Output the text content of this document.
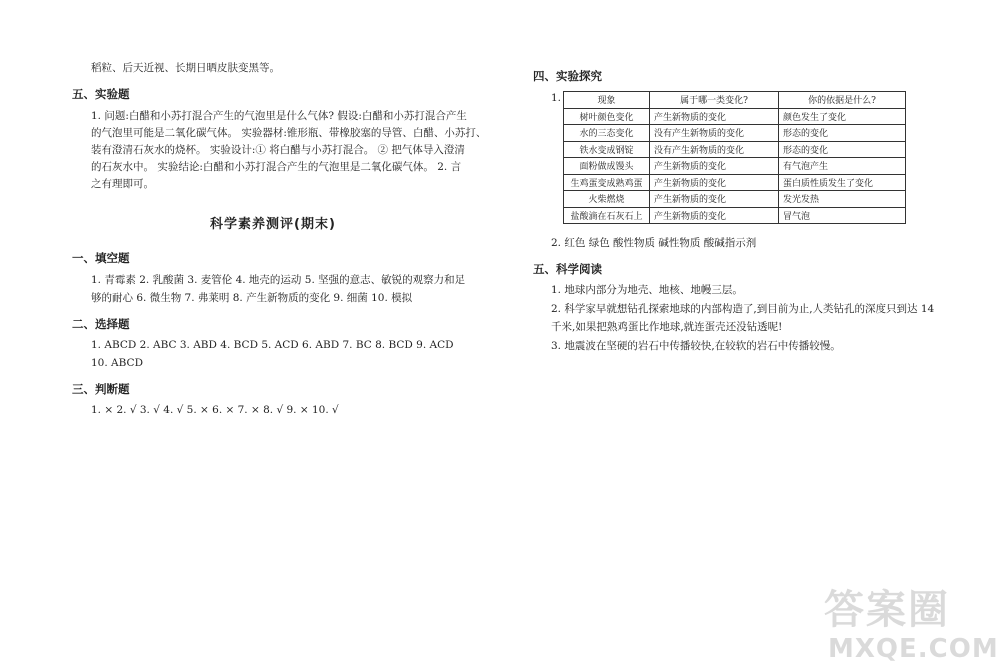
稻粒、后天近视、长期日晒皮肤变黑等。
五、实验题
1. 问题:白醋和小苏打混合产生的气泡里是什么气体? 假设:白醋和小苏打混合产生
的气泡里可能是二氧化碳气体。 实验器材:锥形瓶、带橡胶塞的导管、白醋、小苏打、
装有澄清石灰水的烧杯。 实验设计:① 将白醋与小苏打混合。 ② 把气体导入澄清
的石灰水中。 实验结论:白醋和小苏打混合产生的气泡里是二氧化碳气体。 2. 言
之有理即可。
科学素养测评(期末)
一、填空题
1. 青霉素 2. 乳酸菌 3. 麦管伦 4. 地壳的运动 5. 坚强的意志、敏锐的观察力和足
够的耐心 6. 微生物 7. 弗莱明 8. 产生新物质的变化 9. 细菌 10. 模拟
二、选择题
1. ABCD 2. ABC 3. ABD 4. BCD 5. ACD 6. ABD 7. BC 8. BCD 9. ACD
10. ABCD
三、判断题
1. × 2. √ 3. √ 4. √ 5. × 6. × 7. × 8. √ 9. × 10. √
四、实验探究
1.	现象	属于哪一类变化?	你的依据是什么?
树叶颜色变化	产生新物质的变化	颜色发生了变化
水的三态变化	没有产生新物质的变化	形态的变化
铁水变成钢锭	没有产生新物质的变化	形态的变化
面粉做成馒头	产生新物质的变化	有气泡产生
生鸡蛋变成熟鸡蛋	产生新物质的变化	蛋白质性质发生了变化
火柴燃烧	产生新物质的变化	发光发热
盐酸滴在石灰石上	产生新物质的变化	冒气泡
2. 红色 绿色 酸性物质 碱性物质 酸碱指示剂
五、科学阅读
1. 地球内部分为地壳、地核、地幔三层。
2. 科学家早就想钻孔探索地球的内部构造了,到目前为止,人类钻孔的深度只到达 14
千米,如果把熟鸡蛋比作地球,就连蛋壳还没钻透呢!
3. 地震波在坚硬的岩石中传播较快,在较软的岩石中传播较慢。
答案圈
MXQE.COM
